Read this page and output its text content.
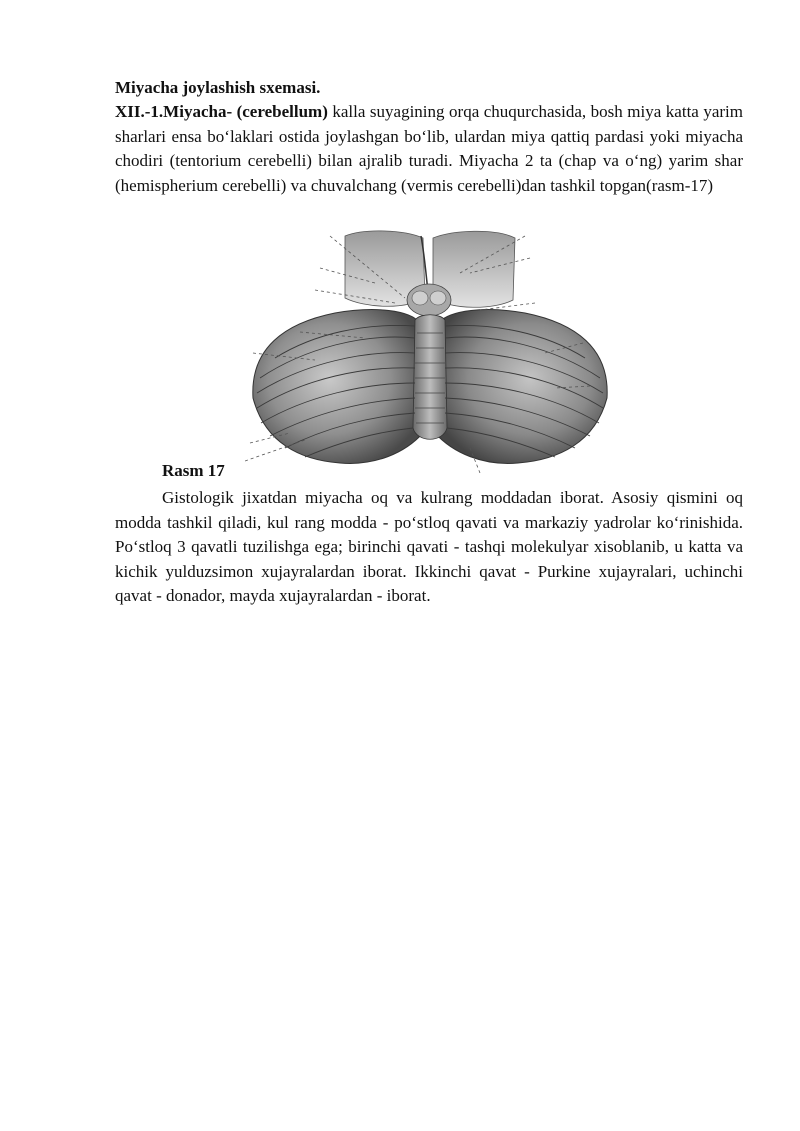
Miyacha joylashish sxemasi.

XII.-1.Miyacha- (cerebellum) kalla suyagining orqa chuqurchasida, bosh miya katta yarim sharlari ensa bo‘laklari ostida joylashgan bo‘lib, ulardan miya qattiq pardasi yoki miyacha chodiri (tentorium cerebelli) bilan ajralib turadi. Miyacha 2 ta (chap va o‘ng) yarim shar (hemispherium cerebelli) va chuvalchang (vermis cerebelli)dan tashkil topgan(rasm-17)

Rasm 17

Gistologik jixatdan miyacha oq va kulrang moddadan iborat. Asosiy qismini oq modda tashkil qiladi, kul rang modda - po‘stloq qavati va markaziy yadrolar ko‘rinishida. Po‘stloq 3 qavatli tuzilishga ega; birinchi qavati - tashqi molekulyar xisoblanib, u katta va kichik yulduzsimon xujayralardan iborat. Ikkinchi qavat - Purkine xujayralari, uchinchi qavat - donador, mayda xujayralardan - iborat.
